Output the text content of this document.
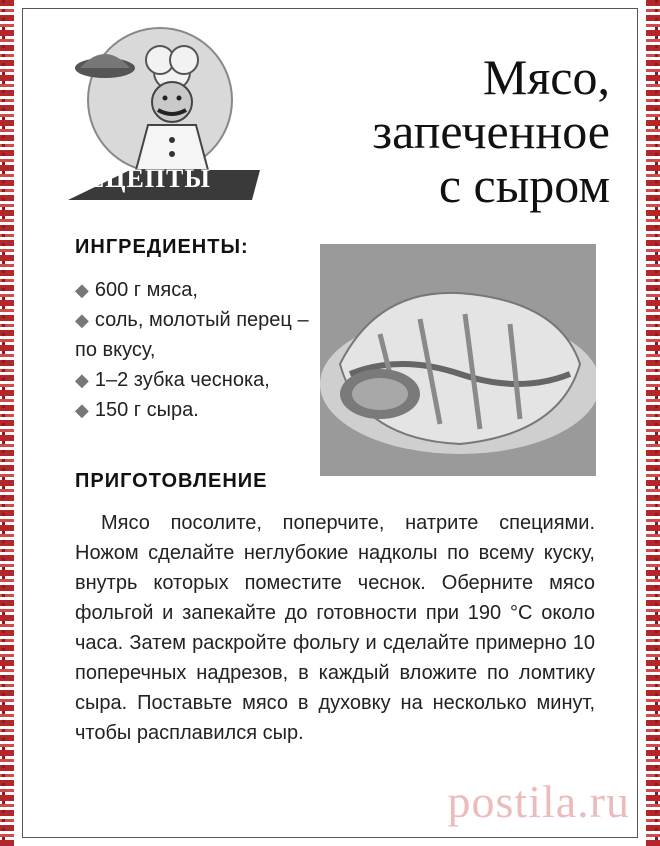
РЕЦЕПТЫ
Мясо,
запеченное
с сыром
ИНГРЕДИЕНТЫ:
◆ 600 г мяса,
◆ соль, молотый перец – по вкусу,
◆ 1–2 зубка чеснока,
◆ 150 г сыра.
ПРИГОТОВЛЕНИЕ
Мясо посолите, поперчите, натрите специями. Ножом сделайте неглубокие надколы по всему куску, внутрь которых поместите чеснок. Оберните мясо фольгой и запекайте до готовности при 190 °С около часа. Затем раскройте фольгу и сделайте примерно 10 поперечных надрезов, в каждый вложите по ломтику сыра. Поставьте мясо в духовку на несколько минут, чтобы расплавился сыр.
postila.ru
